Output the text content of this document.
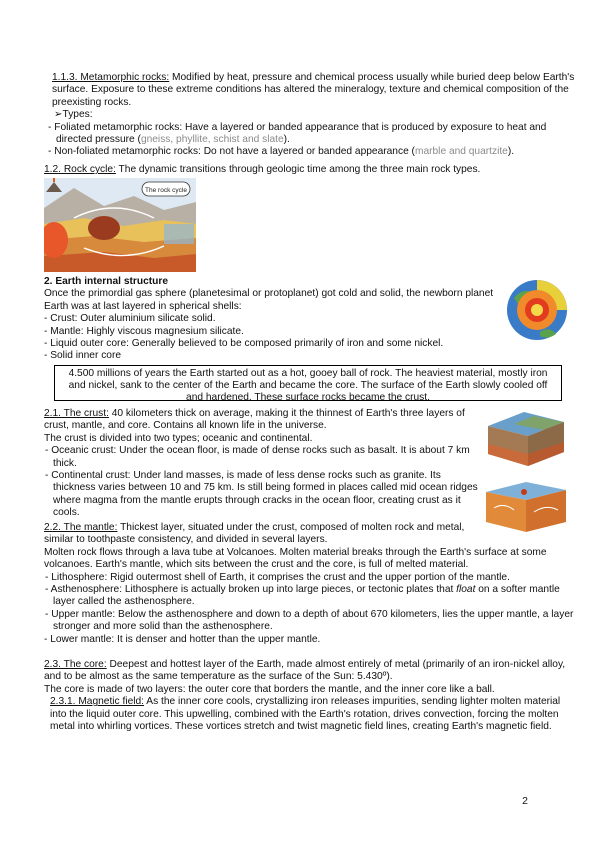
1.1.3. Metamorphic rocks: Modified by heat, pressure and chemical process usually while buried deep below Earth's surface. Exposure to these extreme conditions has altered the mineralogy, texture and chemical composition of the preexisting rocks.

➢Types:

- Foliated metamorphic rocks: Have a layered or banded appearance that is produced by exposure to heat and directed pressure (gneiss, phyllite, schist and slate).

- Non-foliated metamorphic rocks: Do not have a layered or banded appearance (marble and quartzite).

1.2. Rock cycle: The dynamic transitions through geologic time among the three main rock types.

The rock cycle

2. Earth internal structure

Once the primordial gas sphere (planetesimal or protoplanet) got cold and solid, the newborn planet Earth was at last layered in spherical shells:

- Crust: Outer aluminium silicate solid.

- Mantle: Highly viscous magnesium silicate.

- Liquid outer core: Generally believed to be composed primarily of iron and some nickel.

- Solid inner core

4.500 millions of years the Earth started out as a hot, gooey ball of rock. The heaviest material, mostly iron and nickel, sank to the center of the Earth and became the core. The surface of the Earth slowly cooled off and hardened. These surface rocks became the crust.

2.1. The crust: 40 kilometers thick on average, making it the thinnest of Earth's three layers of crust, mantle, and core. Contains all known life in the universe.

The crust is divided into two types; oceanic and continental.

- Oceanic crust: Under the ocean floor, is made of dense rocks such as basalt. It is about 7 km thick.

- Continental crust: Under land masses, is made of less dense rocks such as granite. Its thickness varies between 10 and 75 km. Is still being formed in places called mid ocean ridges where magma from the mantle erupts through cracks in the ocean floor, creating crust as it cools.

2.2. The mantle: Thickest layer, situated under the crust, composed of molten rock and metal, similar to toothpaste consistency, and divided in several layers.

Molten rock flows through a lava tube at Volcanoes. Molten material breaks through the Earth's surface at some volcanoes. Earth's mantle, which sits between the crust and the core, is full of melted material.

- Lithosphere: Rigid outermost shell of Earth, it comprises the crust and the upper portion of the mantle.

- Asthenosphere: Lithosphere is actually broken up into large pieces, or tectonic plates that float on a softer mantle layer called the asthenosphere.

- Upper mantle: Below the asthenosphere and down to a depth of about 670 kilometers, lies the upper mantle, a layer stronger and more solid than the asthenosphere.

- Lower mantle: It is denser and hotter than the upper mantle.

2.3. The core: Deepest and hottest layer of the Earth, made almost entirely of metal (primarily of an iron-nickel alloy, and to be almost as the same temperature as the surface of the Sun: 5.430º).

The core is made of two layers: the outer core that borders the mantle, and the inner core like a ball.

2.3.1. Magnetic field: As the inner core cools, crystallizing iron releases impurities, sending lighter molten material into the liquid outer core. This upwelling, combined with the Earth's rotation, drives convection, forcing the molten metal into whirling vortices. These vortices stretch and twist magnetic field lines, creating Earth's magnetic field.

2
